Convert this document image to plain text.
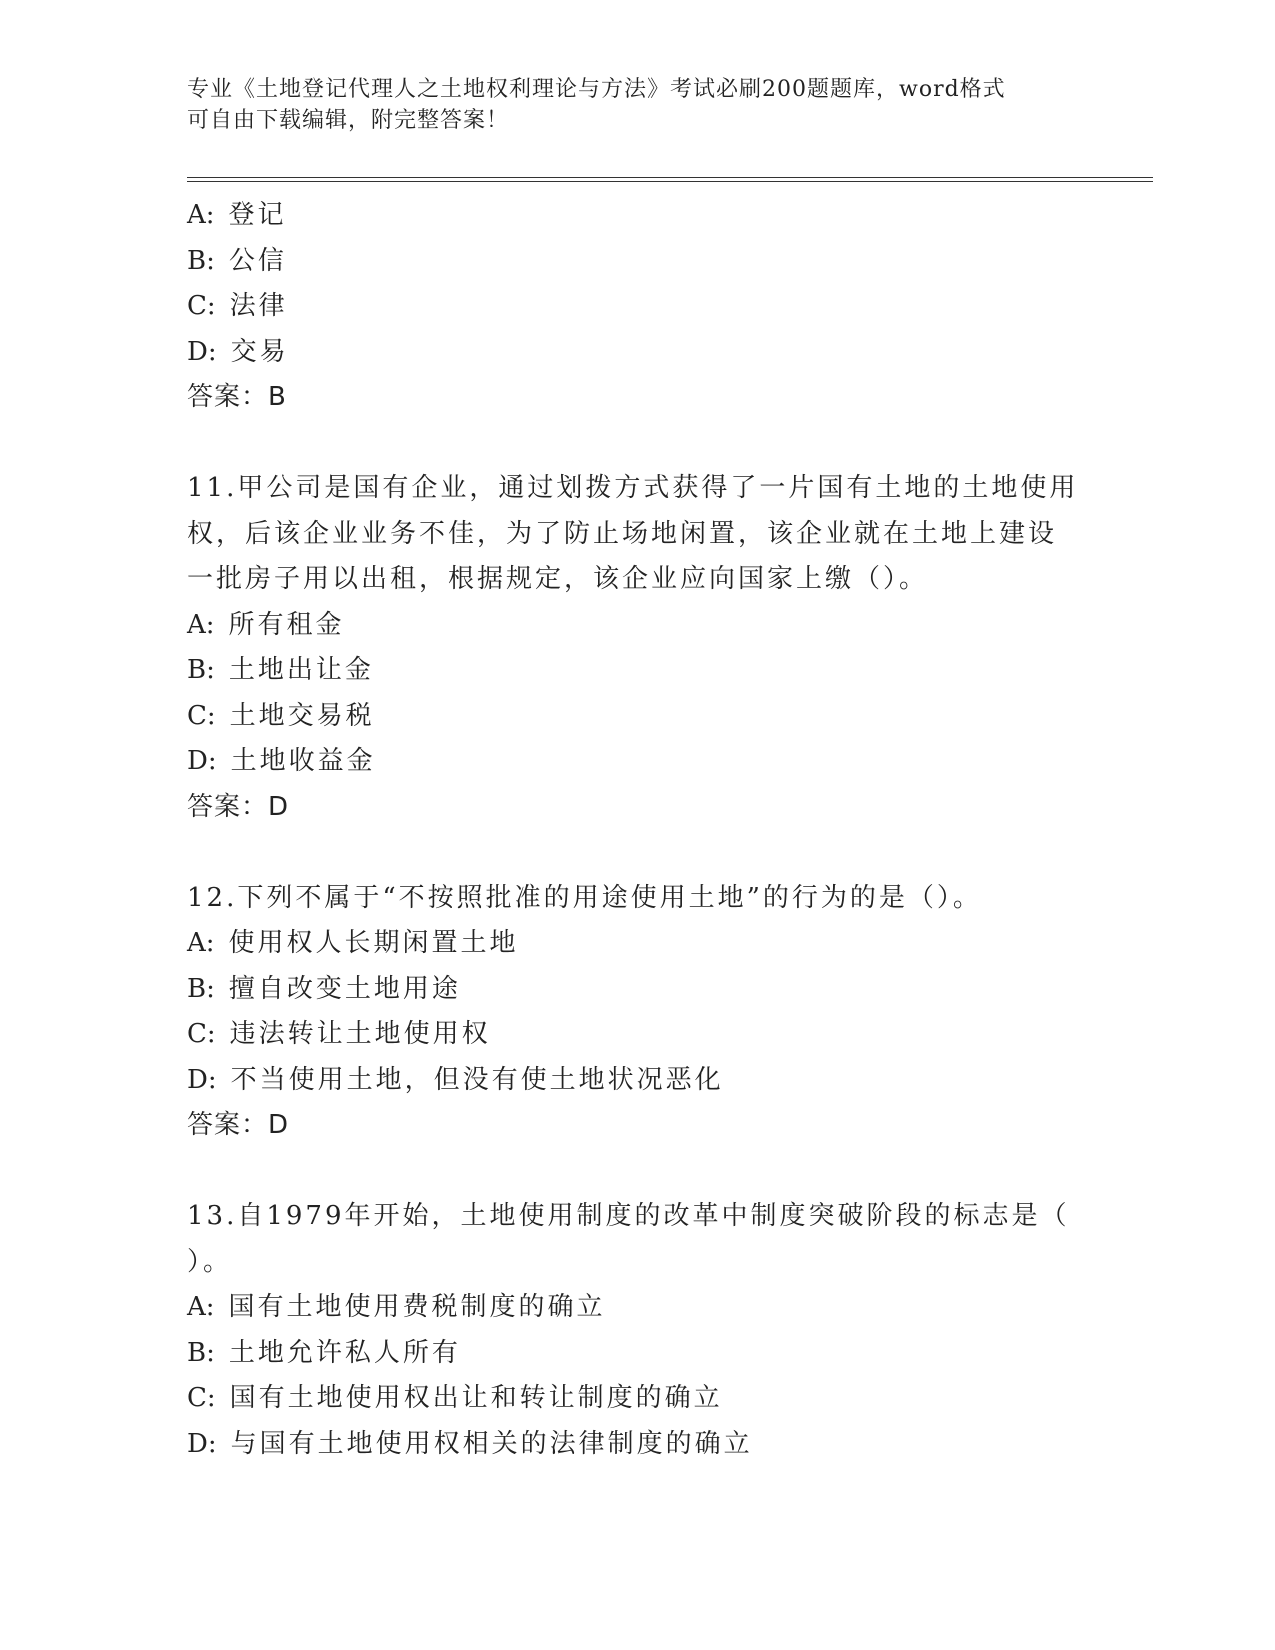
专业《土地登记代理人之土地权利理论与方法》考试必刷200题题库，word格式
可自由下载编辑，附完整答案！
A: 登记
B: 公信
C: 法律
D: 交易
答案：B
11.甲公司是国有企业，通过划拨方式获得了一片国有土地的土地使用
权，后该企业业务不佳，为了防止场地闲置，该企业就在土地上建设
一批房子用以出租，根据规定，该企业应向国家上缴（）。
A: 所有租金
B: 土地出让金
C: 土地交易税
D: 土地收益金
答案：D
12.下列不属于“不按照批准的用途使用土地”的行为的是（）。
A: 使用权人长期闲置土地
B: 擅自改变土地用途
C: 违法转让土地使用权
D: 不当使用土地，但没有使土地状况恶化
答案：D
13.自1979年开始，土地使用制度的改革中制度突破阶段的标志是（
）。
A: 国有土地使用费税制度的确立
B: 土地允许私人所有
C: 国有土地使用权出让和转让制度的确立
D: 与国有土地使用权相关的法律制度的确立
